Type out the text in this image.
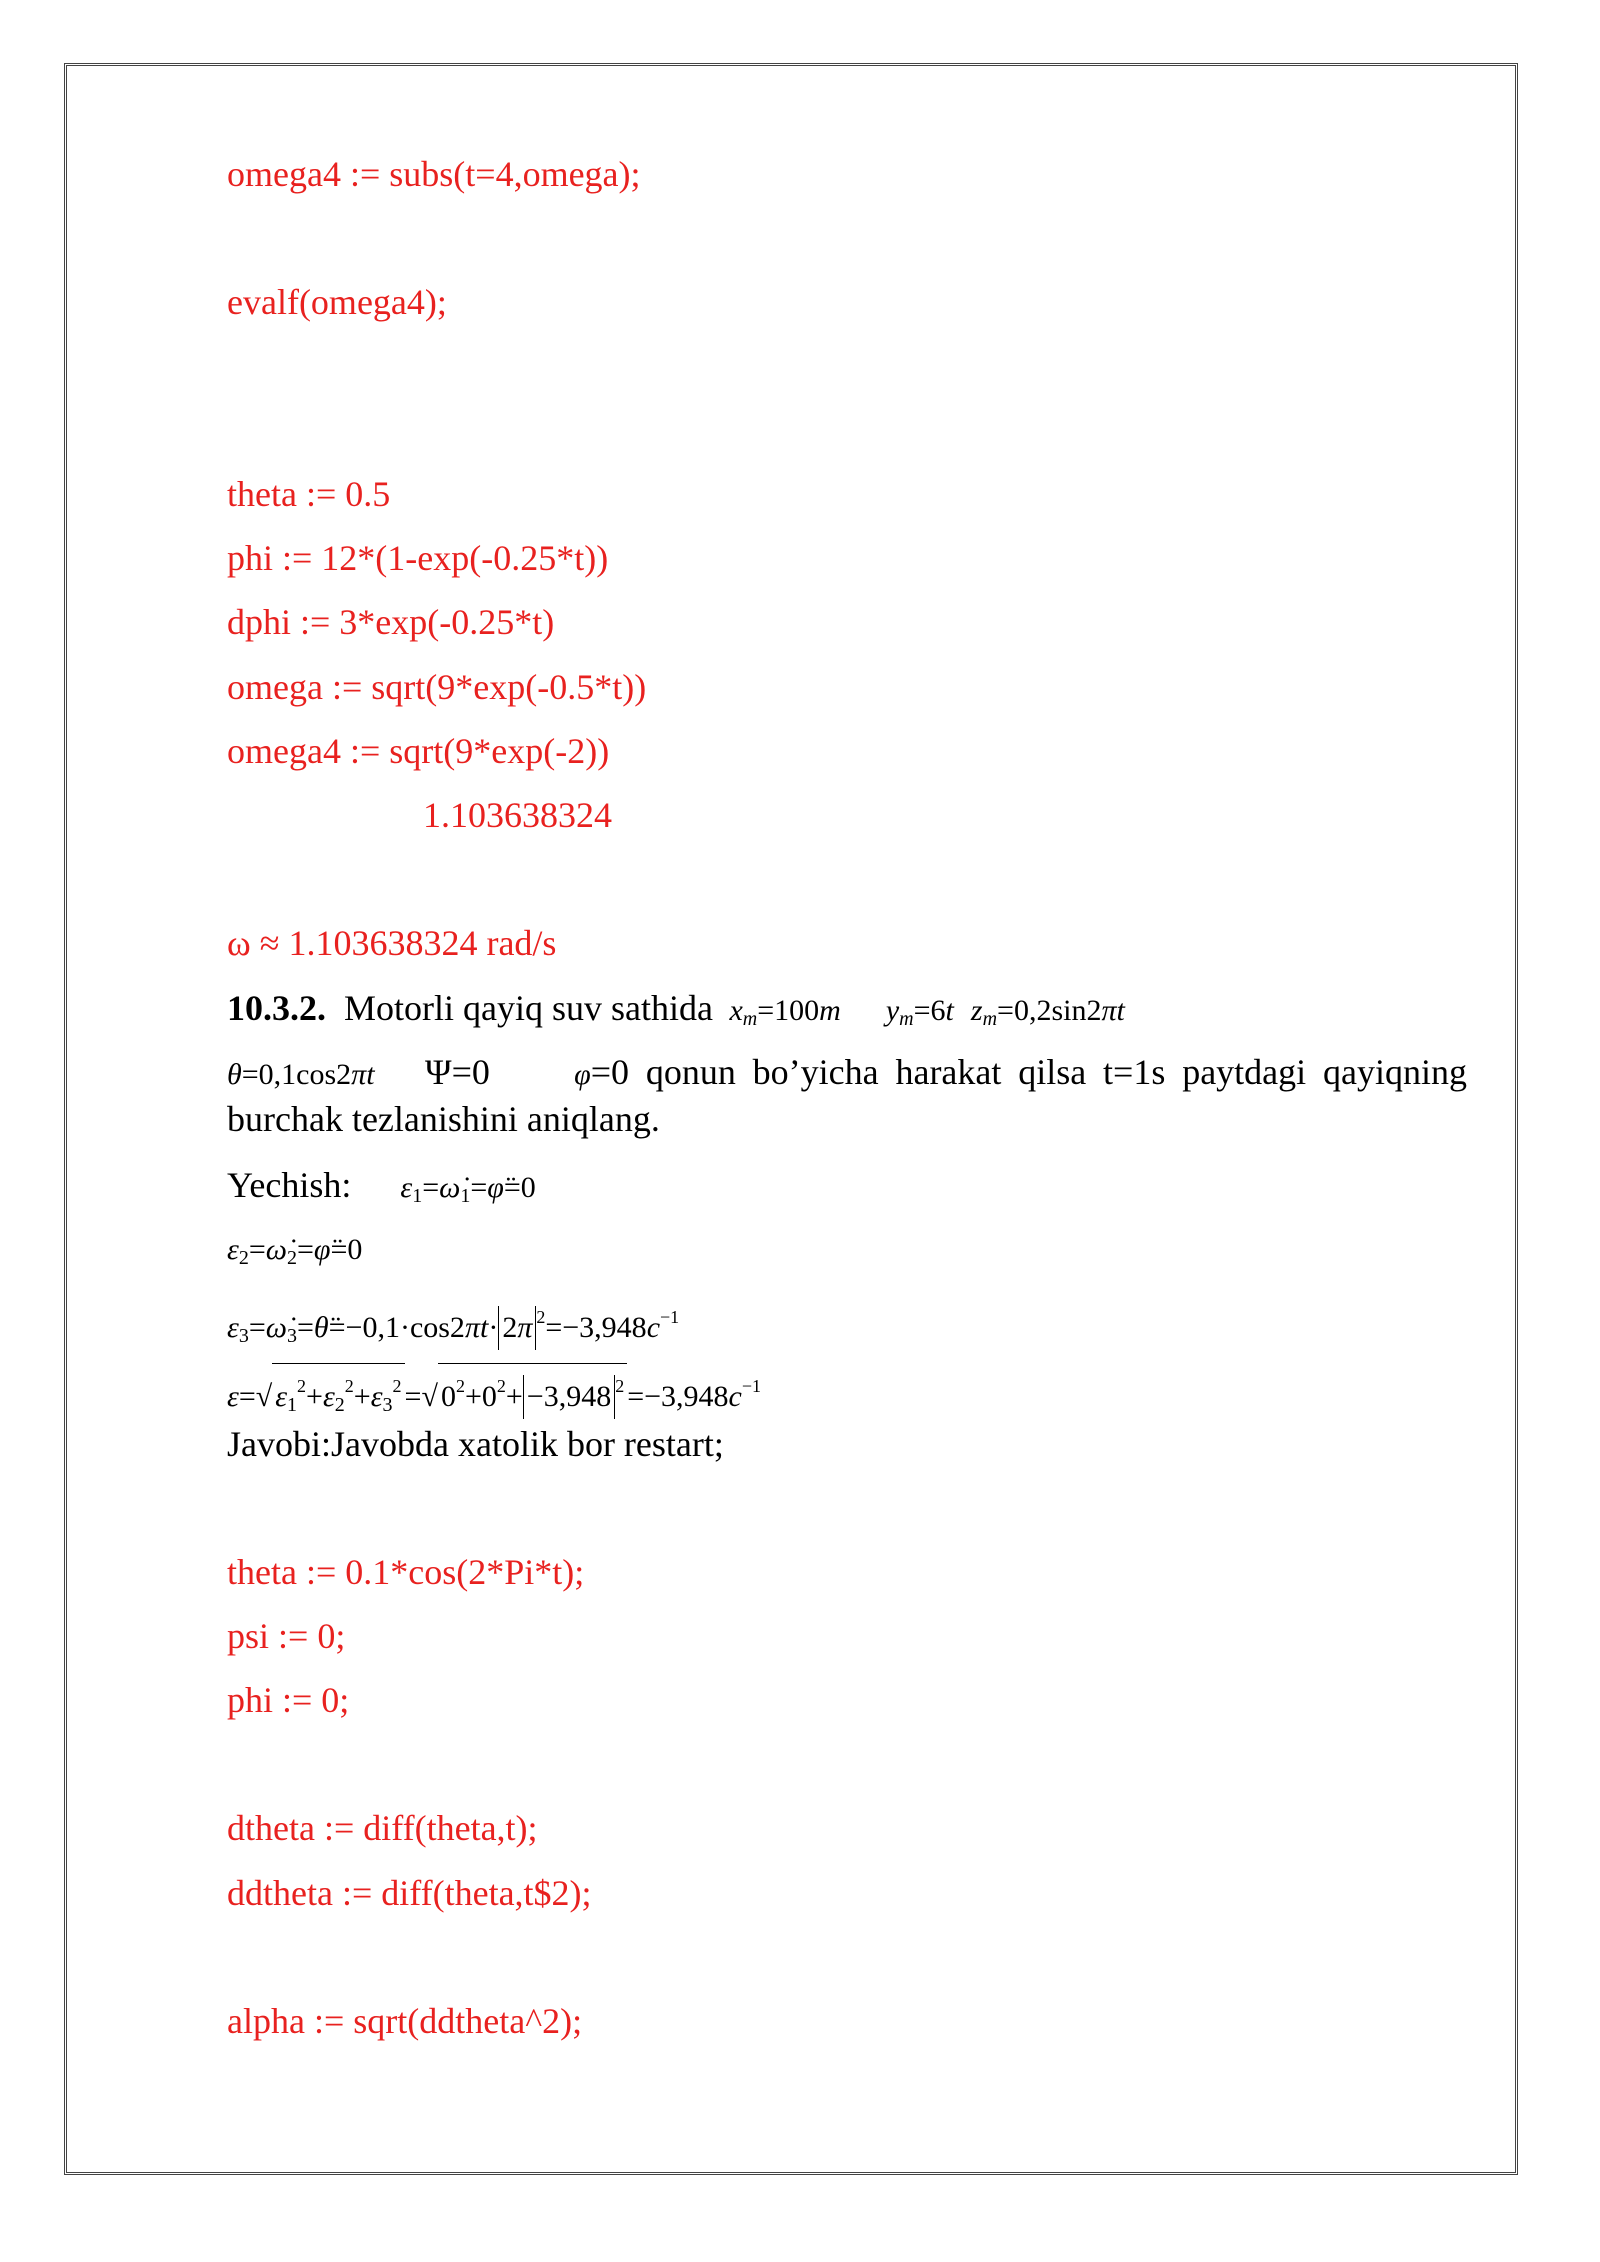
omega4 := subs(t=4,omega);
evalf(omega4);
theta := 0.5
phi := 12*(1-exp(-0.25*t))
dphi := 3*exp(-0.25*t)
omega := sqrt(9*exp(-0.5*t))
omega4 := sqrt(9*exp(-2))
1.103638324
ω ≈ 1.103638324 rad/s
10.3.2. Motorli qayiq suv sathida $x_m=100m$ $y_m=6t$ $z_m=0,2\sin 2\pi t$
θ=0,1cos2πt   Ψ=0     φ=0 qonun bo’yicha harakat qilsa t=1s paytdagi qayiqning burchak tezlanishini aniqlang.
Yechish: $\varepsilon_1=\omegȧ_1=\varphï=0$
$\varepsilon_2=\omegȧ_2=\varphï=0$
$\varepsilon_3=\omegȧ_3=\thetä=-0,1\cdot\cos 2\pi t\cdot 2\pi$ $^2=-3,948c^{-1}$
ε=√ $\varepsilon_1^2+\varepsilon_2^2+\varepsilon_3^2$ =√ $0^2+0^2+ -3,948$ $^2 =-3,948c^{-1}$
Javobi:Javobda xatolik bor restart;
theta := 0.1*cos(2*Pi*t);
psi := 0;
phi := 0;
dtheta := diff(theta,t);
ddtheta := diff(theta,t$2);
alpha := sqrt(ddtheta^2);
